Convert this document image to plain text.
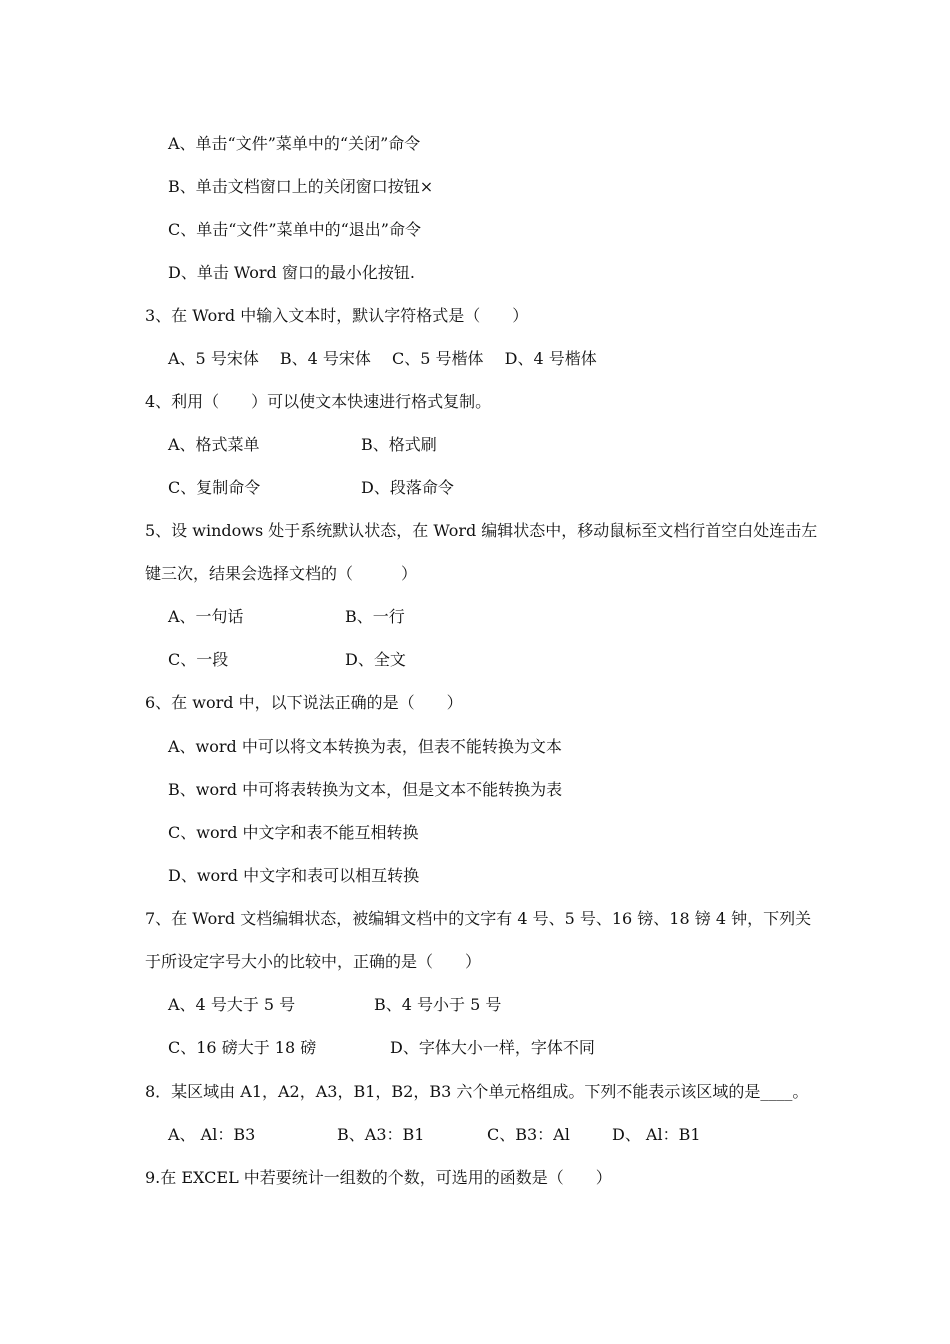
A、单击“文件”菜单中的“关闭”命令
B、单击文档窗口上的关闭窗口按钮×
C、单击“文件”菜单中的“退出”命令
D、单击 Word 窗口的最小化按钮.
3、在 Word 中输入文本时，默认字符格式是（　　）
A、5 号宋体　 B、4 号宋体　 C、5 号楷体　 D、4 号楷体
4、利用（　　）可以使文本快速进行格式复制。
A、格式菜单	B、格式刷
C、复制命令	D、段落命令
5、设 windows 处于系统默认状态，在 Word 编辑状态中，移动鼠标至文档行首空白处连击左
键三次，结果会选择文档的（　　　）
A、一句话	B、一行
C、一段	D、全文
6、在 word 中，以下说法正确的是（　　）
A、word 中可以将文本转换为表，但表不能转换为文本
B、word 中可将表转换为文本，但是文本不能转换为表
C、word 中文字和表不能互相转换
D、word 中文字和表可以相互转换
7、在 Word 文档编辑状态，被编辑文档中的文字有 4 号、5 号、16 镑、18 镑 4 钟，下列关
于所设定字号大小的比较中，正确的是（　　）
A、4 号大于 5 号	B、4 号小于 5 号
C、16 磅大于 18 磅	D、字体大小一样，字体不同
8．某区域由 A1，A2，A3，B1，B2，B3 六个单元格组成。下列不能表示该区域的是____。
A、 Al：B3	B、A3：B1	C、B3：Al	D、 Al：B1
9.在 EXCEL 中若要统计一组数的个数，可选用的函数是（　　）
